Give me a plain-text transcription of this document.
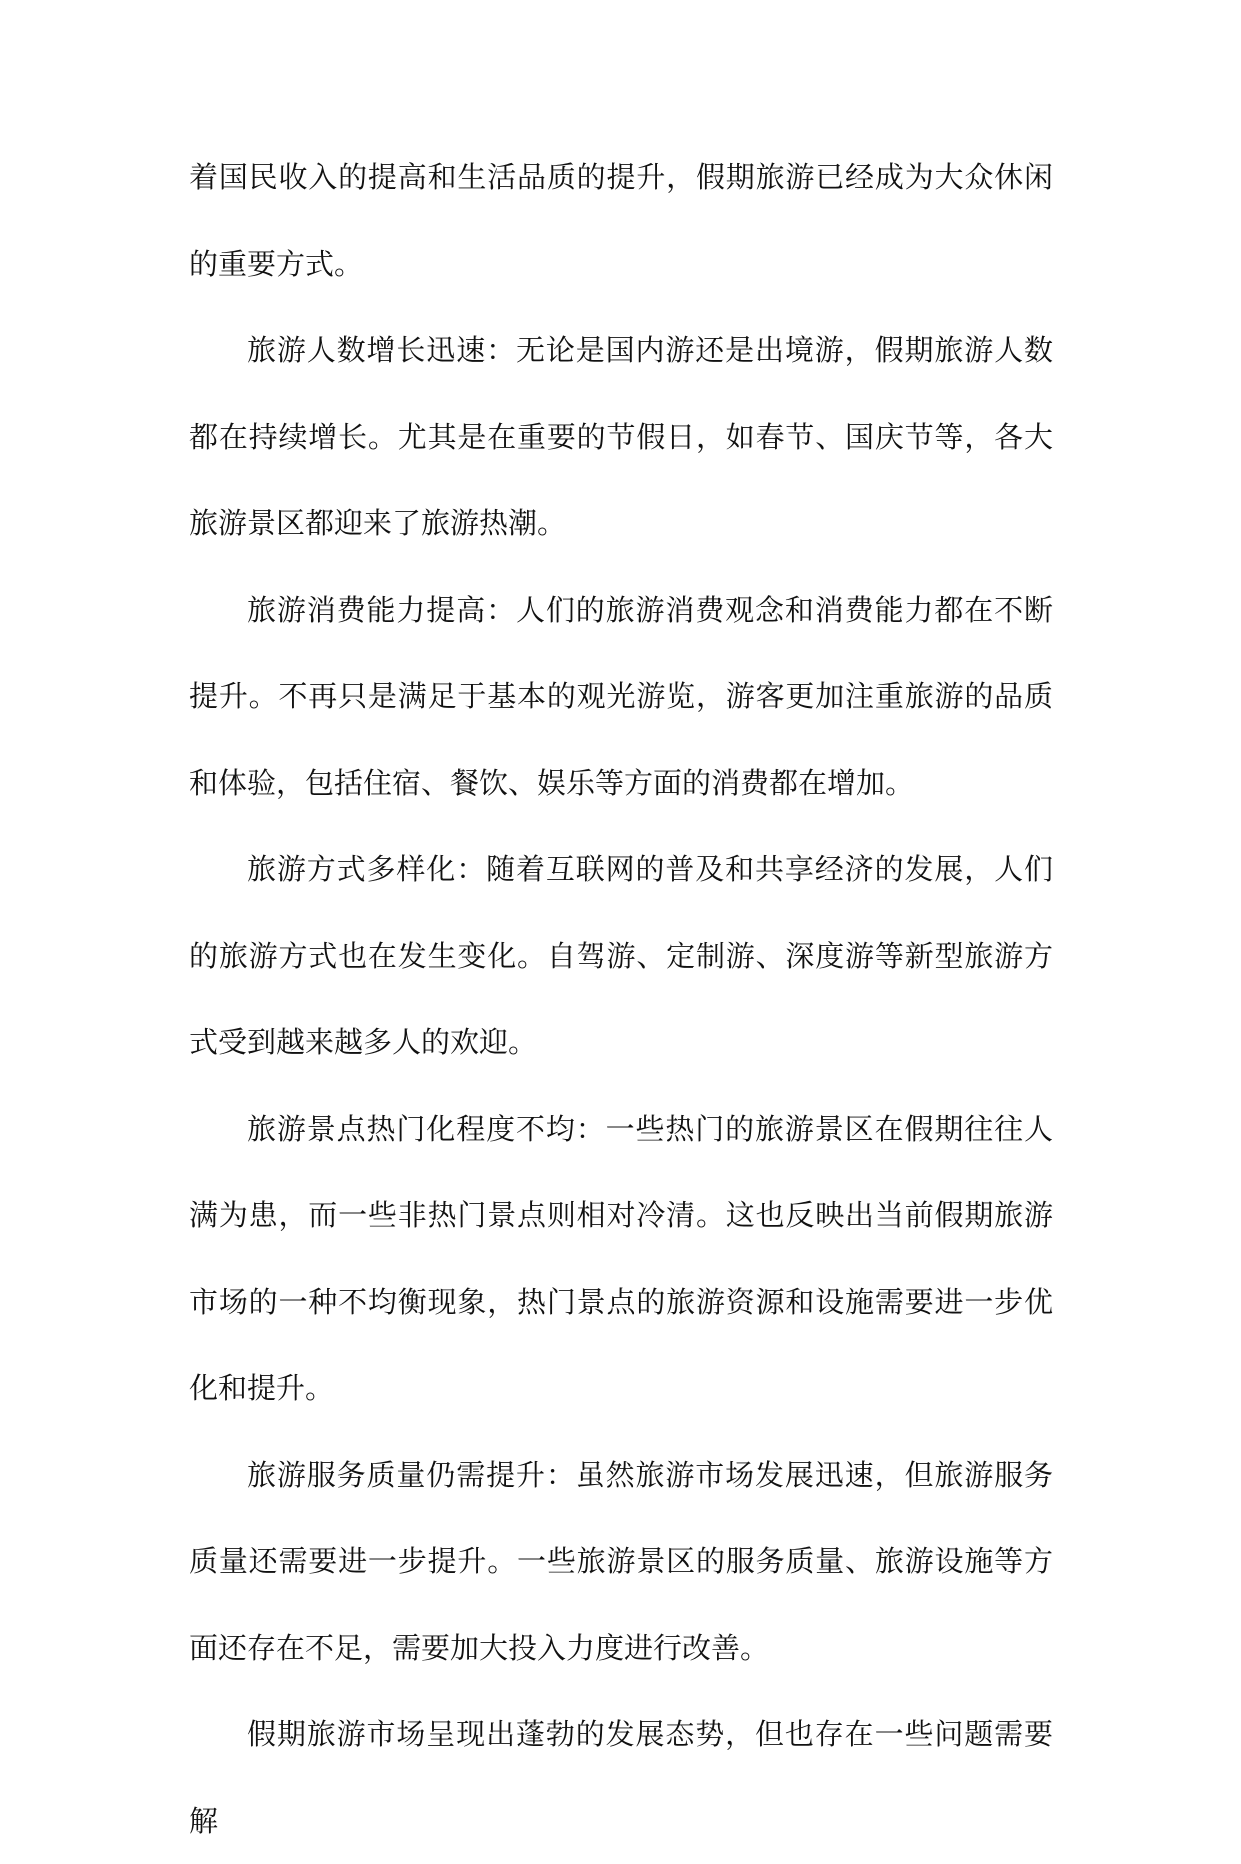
着国民收入的提高和生活品质的提升，假期旅游已经成为大众休闲的重要方式。

旅游人数增长迅速：无论是国内游还是出境游，假期旅游人数都在持续增长。尤其是在重要的节假日，如春节、国庆节等，各大旅游景区都迎来了旅游热潮。

旅游消费能力提高：人们的旅游消费观念和消费能力都在不断提升。不再只是满足于基本的观光游览，游客更加注重旅游的品质和体验，包括住宿、餐饮、娱乐等方面的消费都在增加。

旅游方式多样化：随着互联网的普及和共享经济的发展，人们的旅游方式也在发生变化。自驾游、定制游、深度游等新型旅游方式受到越来越多人的欢迎。

旅游景点热门化程度不均：一些热门的旅游景区在假期往往人满为患，而一些非热门景点则相对冷清。这也反映出当前假期旅游市场的一种不均衡现象，热门景点的旅游资源和设施需要进一步优化和提升。

旅游服务质量仍需提升：虽然旅游市场发展迅速，但旅游服务质量还需要进一步提升。一些旅游景区的服务质量、旅游设施等方面还存在不足，需要加大投入力度进行改善。

假期旅游市场呈现出蓬勃的发展态势，但也存在一些问题需要解
